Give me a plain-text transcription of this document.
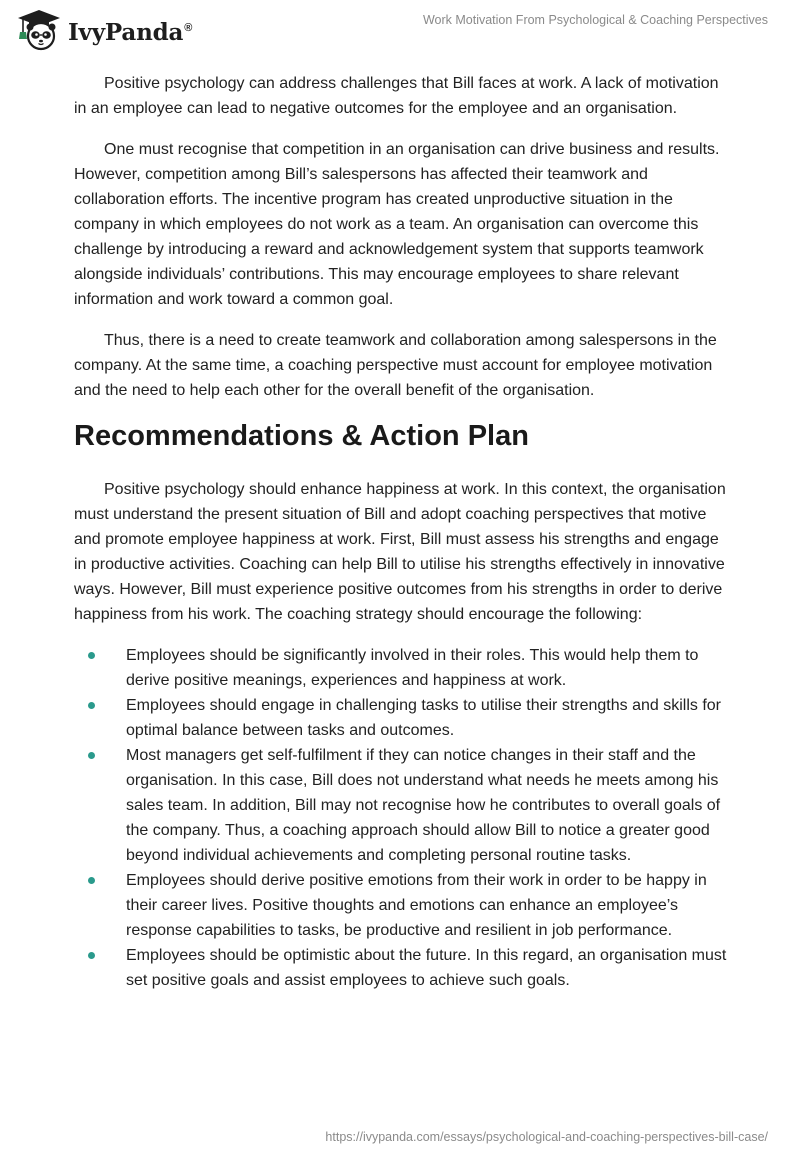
IvyPanda®
Work Motivation From Psychological & Coaching Perspectives

Positive psychology can address challenges that Bill faces at work. A lack of motivation in an employee can lead to negative outcomes for the employee and an organisation.

One must recognise that competition in an organisation can drive business and results. However, competition among Bill’s salespersons has affected their teamwork and collaboration efforts. The incentive program has created unproductive situation in the company in which employees do not work as a team. An organisation can overcome this challenge by introducing a reward and acknowledgement system that supports teamwork alongside individuals’ contributions. This may encourage employees to share relevant information and work toward a common goal.

Thus, there is a need to create teamwork and collaboration among salespersons in the company. At the same time, a coaching perspective must account for employee motivation and the need to help each other for the overall benefit of the organisation.

Recommendations & Action Plan

Positive psychology should enhance happiness at work. In this context, the organisation must understand the present situation of Bill and adopt coaching perspectives that motive and promote employee happiness at work. First, Bill must assess his strengths and engage in productive activities. Coaching can help Bill to utilise his strengths effectively in innovative ways. However, Bill must experience positive outcomes from his strengths in order to derive happiness from his work. The coaching strategy should encourage the following:

Employees should be significantly involved in their roles. This would help them to derive positive meanings, experiences and happiness at work.
Employees should engage in challenging tasks to utilise their strengths and skills for optimal balance between tasks and outcomes.
Most managers get self-fulfilment if they can notice changes in their staff and the organisation. In this case, Bill does not understand what needs he meets among his sales team. In addition, Bill may not recognise how he contributes to overall goals of the company. Thus, a coaching approach should allow Bill to notice a greater good beyond individual achievements and completing personal routine tasks.
Employees should derive positive emotions from their work in order to be happy in their career lives. Positive thoughts and emotions can enhance an employee’s response capabilities to tasks, be productive and resilient in job performance.
Employees should be optimistic about the future. In this regard, an organisation must set positive goals and assist employees to achieve such goals.
https://ivypanda.com/essays/psychological-and-coaching-perspectives-bill-case/
